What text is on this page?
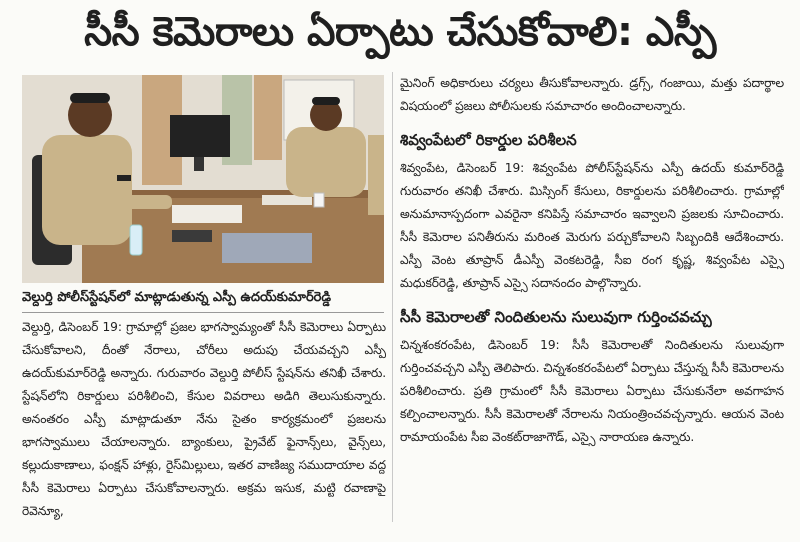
సీసీ కెమెరాలు ఏర్పాటు చేసుకోవాలి: ఎస్పీ
వెల్దుర్తి పోలీస్‌స్టేషన్‌లో మాట్లాడుతున్న ఎస్పీ ఉదయ్‌కుమార్‌రెడ్డి

వెల్దుర్తి, డిసెంబర్‌ 19: గ్రామాల్లో ప్రజల భాగస్వామ్యంతో సీసీ కెమెరాలు ఏర్పాటు చేసుకోవాలని, దీంతో నేరాలు, చోరీలు అదుపు చేయవచ్చని ఎస్పీ ఉదయ్‌కుమార్‌రెడ్డి అన్నారు. గురువారం వెల్దుర్తి పోలీస్‌ స్టేషన్‌ను తనిఖీ చేశారు. స్టేషన్‌లోని రికార్డులు పరిశీలించి, కేసుల వివరాలు అడిగి తెలుసుకున్నారు. అనంతరం ఎస్పీ మాట్లాడుతూ నేను సైతం కార్యక్రమంలో ప్రజలను భాగస్వాములు చేయాలన్నారు. బ్యాంకులు, ప్రైవేట్‌ ఫైనాన్స్‌లు, వైన్స్‌లు, కల్లుదుకాణాలు, ఫంక్షన్‌ హాళ్లు, రైస్‌మిల్లులు, ఇతర వాణిజ్య సముదాయాల వద్ద సీసీ కెమెరాలు ఏర్పాటు చేసుకోవాలన్నారు. అక్రమ ఇసుక, మట్టి రవాణాపై రెవెన్యూ,

మైనింగ్‌ అధికారులు చర్యలు తీసుకోవాలన్నారు. డ్రగ్స్‌, గంజాయి, మత్తు పదార్థాల విషయంలో ప్రజలు పోలీసులకు సమాచారం అందించాలన్నారు.

శివ్వంపేటలో రికార్డుల పరిశీలన

శివ్వంపేట, డిసెంబర్‌ 19: శివ్వంపేట పోలీస్‌స్టేషన్‌ను ఎస్పీ ఉదయ్‌ కుమార్‌రెడ్డి గురువారం తనిఖీ చేశారు. మిస్సింగ్‌ కేసులు, రికార్డులను పరిశీలించారు. గ్రామాల్లో అనుమానాస్పదంగా ఎవరైనా కనిపిస్తే సమాచారం ఇవ్వాలని ప్రజలకు సూచించారు. సీసీ కెమెరాల పనితీరును మరింత మెరుగు పర్చుకోవాలని సిబ్బందికి ఆదేశించారు. ఎస్పీ వెంట తూప్రాన్‌ డీఎస్పీ వెంకటరెడ్డి, సీఐ రంగ కృష్ణ, శివ్వంపేట ఎస్సై మధుకర్‌రెడ్డి, తూప్రాన్‌ ఎస్సై సదానందం పాల్గొన్నారు.

సీసీ కెమెరాలతో నిందితులను సులువుగా గుర్తించవచ్చు

చిన్నశంకరంపేట, డిసెంబర్‌ 19: సీసీ కెమెరాలతో నిందితులను సులువుగా గుర్తించవచ్చని ఎస్పీ తెలిపారు. చిన్నశంకరంపేటలో ఏర్పాటు చేస్తున్న సీసీ కెమెరాలను పరిశీలించారు. ప్రతి గ్రామంలో సీసీ కెమెరాలు ఏర్పాటు చేసుకునేలా అవగాహన కల్పించాలన్నారు. సీసీ కెమెరాలతో నేరాలను నియంత్రించవచ్చన్నారు. ఆయన వెంట రామాయంపేట సీఐ వెంకట్‌రాజాగౌడ్‌, ఎస్సై నారాయణ ఉన్నారు.
